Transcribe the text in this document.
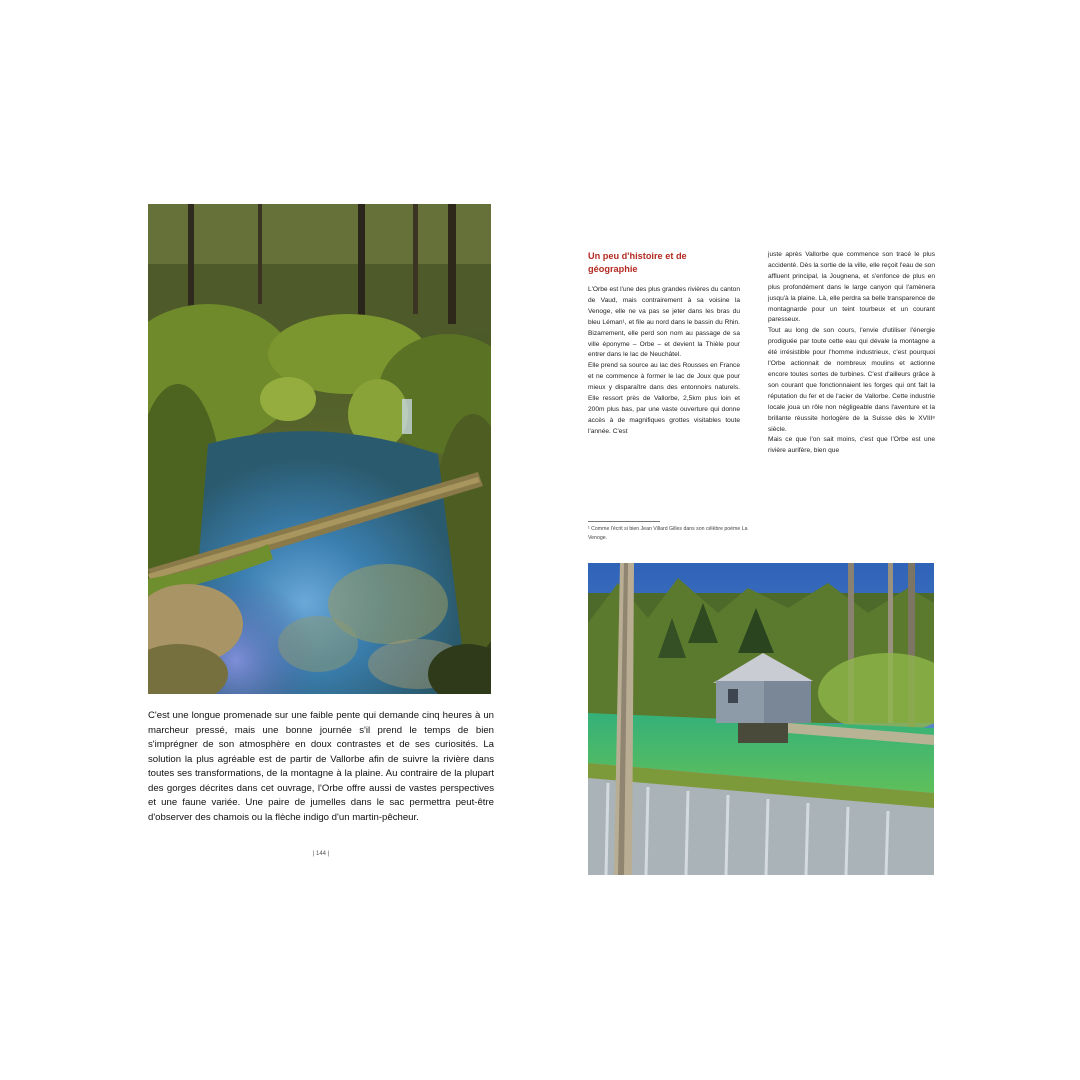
C'est une longue promenade sur une faible pente qui demande cinq heures à un marcheur pressé, mais une bonne journée s'il prend le temps de bien s'imprégner de son atmosphère en doux contrastes et de ses curiosités. La solution la plus agréable est de partir de Vallorbe afin de suivre la rivière dans toutes ses transformations, de la montagne à la plaine. Au contraire de la plupart des gorges décrites dans cet ouvrage, l'Orbe offre aussi de vastes perspectives et une faune variée. Une paire de jumelles dans le sac permettra peut-être d'observer des chamois ou la flèche indigo d'un martin-pêcheur.
| 144 |
Un peu d'histoire et de géographie

L'Orbe est l'une des plus grandes rivières du canton de Vaud, mais contrairement à sa voisine la Venoge, elle ne va pas se jeter dans les bras du bleu Léman¹, et file au nord dans le bassin du Rhin. Bizarrement, elle perd son nom au passage de sa ville éponyme – Orbe – et devient la Thièle pour entrer dans le lac de Neuchâtel.

Elle prend sa source au lac des Rousses en France et ne commence à former le lac de Joux que pour mieux y disparaître dans des entonnoirs naturels. Elle ressort près de Vallorbe, 2,5km plus loin et 200m plus bas, par une vaste ouverture qui donne accès à de magnifiques grottes visitables toute l'année. C'est

¹ Comme l'écrit si bien Jean Villard Gilles dans son célèbre poème La Venoge.

juste après Vallorbe que commence son tracé le plus accidenté. Dès la sortie de la ville, elle reçoit l'eau de son affluent principal, la Jougnena, et s'enfonce de plus en plus profondément dans le large canyon qui l'amènera jusqu'à la plaine. Là, elle perdra sa belle transparence de montagnarde pour un teint tourbeux et un courant paresseux.

Tout au long de son cours, l'envie d'utiliser l'énergie prodiguée par toute cette eau qui dévale la montagne a été irrésistible pour l'homme industrieux, c'est pourquoi l'Orbe actionnait de nombreux moulins et actionne encore toutes sortes de turbines. C'est d'ailleurs grâce à son courant que fonctionnaient les forges qui ont fait la réputation du fer et de l'acier de Vallorbe. Cette industrie locale joua un rôle non négligeable dans l'aventure et la brillante réussite horlogère de la Suisse dès le XVIIIᵉ siècle.

Mais ce que l'on sait moins, c'est que l'Orbe est une rivière aurifère, bien que
